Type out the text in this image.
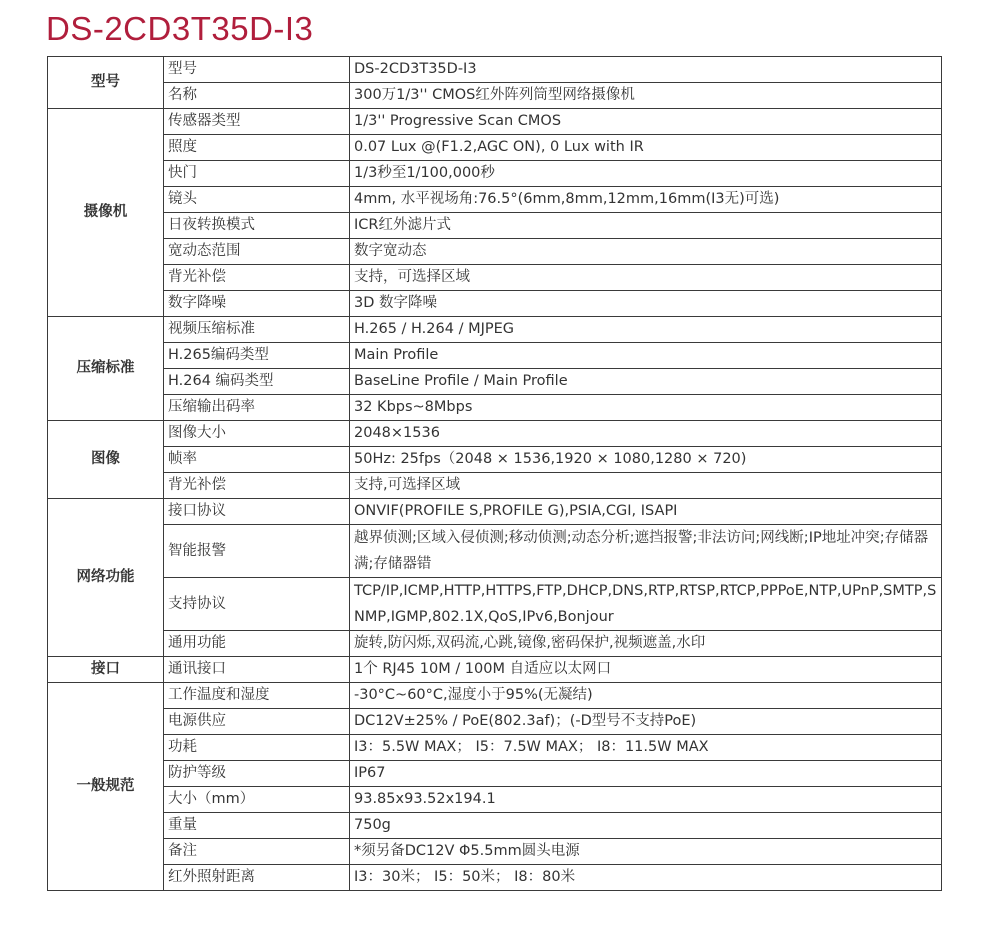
DS-2CD3T35D-I3
型号	型号	DS-2CD3T35D-I3
	名称	300万1/3'' CMOS红外阵列筒型网络摄像机
摄像机	传感器类型	1/3'' Progressive Scan CMOS
	照度	0.07 Lux @(F1.2,AGC ON), 0 Lux with IR
	快门	1/3秒至1/100,000秒
	镜头	4mm, 水平视场角:76.5°(6mm,8mm,12mm,16mm(I3无)可选)
	日夜转换模式	ICR红外滤片式
	宽动态范围	数字宽动态
	背光补偿	支持，可选择区域
	数字降噪	3D 数字降噪
压缩标准	视频压缩标准	H.265 / H.264 / MJPEG
	H.265编码类型	Main Profile
	H.264 编码类型	BaseLine Profile / Main Profile
	压缩输出码率	32 Kbps~8Mbps
图像	图像大小	2048×1536
	帧率	50Hz: 25fps（2048 × 1536,1920 × 1080,1280 × 720)
	背光补偿	支持,可选择区域
网络功能	接口协议	ONVIF(PROFILE S,PROFILE G),PSIA,CGI, ISAPI
	智能报警	越界侦测;区域入侵侦测;移动侦测;动态分析;遮挡报警;非法访问;网线断;IP地址冲突;存储器满;存储器错
	支持协议	TCP/IP,ICMP,HTTP,HTTPS,FTP,DHCP,DNS,RTP,RTSP,RTCP,PPPoE,NTP,UPnP,SMTP,SNMP,IGMP,802.1X,QoS,IPv6,Bonjour
	通用功能	旋转,防闪烁,双码流,心跳,镜像,密码保护,视频遮盖,水印
接口	通讯接口	1个 RJ45 10M / 100M 自适应以太网口
一般规范	工作温度和湿度	-30°C~60°C,湿度小于95%(无凝结)
	电源供应	DC12V±25% / PoE(802.3af)；(-D型号不支持PoE)
	功耗	I3：5.5W MAX； I5：7.5W MAX； I8：11.5W MAX
	防护等级	IP67
	大小（mm）	93.85x93.52x194.1
	重量	750g
	备注	*须另备DC12V Φ5.5mm圆头电源
	红外照射距离	I3：30米； I5：50米； I8：80米
